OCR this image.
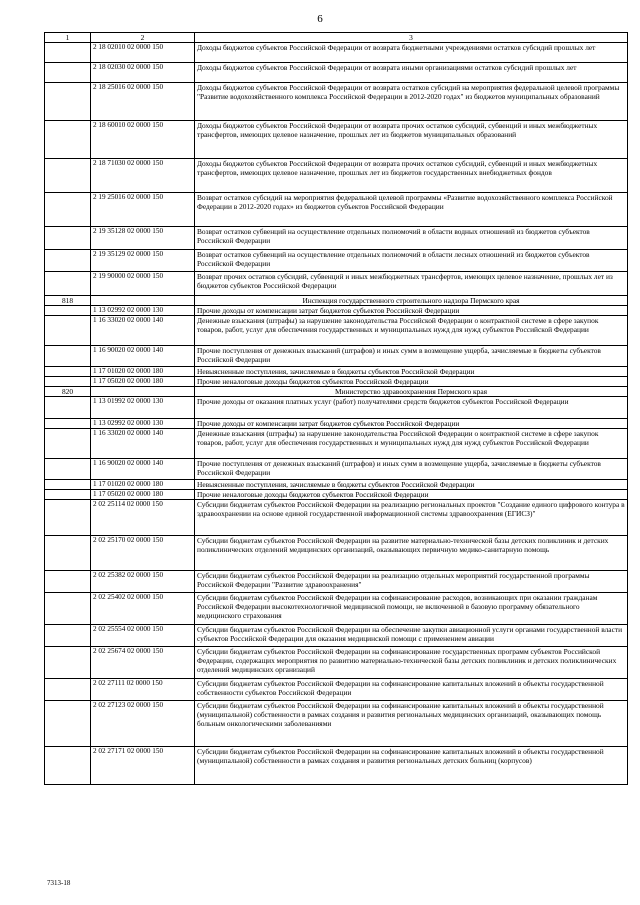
6
1	2	3
	2 18 02010 02 0000 150	Доходы бюджетов субъектов Российской Федерации от возврата бюджетными учреждениями остатков субсидий прошлых лет
	2 18 02030 02 0000 150	Доходы бюджетов субъектов Российской Федерации от возврата иными организациями остатков субсидий прошлых лет
	2 18 25016 02 0000 150	Доходы бюджетов субъектов Российской Федерации от возврата остатков субсидий на мероприятия федеральной целевой программы "Развитие водохозяйственного комплекса Российской Федерации в 2012-2020 годах" из бюджетов муниципальных образований
	2 18 60010 02 0000 150	Доходы бюджетов субъектов Российской Федерации от возврата прочих остатков субсидий, субвенций и иных межбюджетных трансфертов, имеющих целевое назначение, прошлых лет из бюджетов муниципальных образований
	2 18 71030 02 0000 150	Доходы бюджетов субъектов Российской Федерации от возврата прочих остатков субсидий, субвенций и иных межбюджетных трансфертов, имеющих целевое назначение, прошлых лет из бюджетов государственных внебюджетных фондов
	2 19 25016 02 0000 150	Возврат остатков субсидий на мероприятия федеральной целевой программы «Развитие водохозяйственного комплекса Российской Федерации в 2012-2020 годах» из бюджетов субъектов Российской Федерации
	2 19 35128 02 0000 150	Возврат остатков субвенций на осуществление отдельных полномочий в области водных отношений из бюджетов субъектов Российской Федерации
	2 19 35129 02 0000 150	Возврат остатков субвенций на осуществление отдельных полномочий в области лесных отношений из бюджетов субъектов Российской Федерации
	2 19 90000 02 0000 150	Возврат прочих остатков субсидий, субвенций и иных межбюджетных трансфертов, имеющих целевое назначение, прошлых лет из бюджетов субъектов Российской Федерации
818		Инспекция государственного строительного надзора Пермского края
	1 13 02992 02 0000 130	Прочие доходы от компенсации затрат бюджетов субъектов Российской Федерации
	1 16 33020 02 0000 140	Денежные взыскания (штрафы) за нарушение законодательства Российской Федерации о контрактной системе в сфере закупок товаров, работ, услуг для обеспечения государственных и муниципальных нужд для нужд субъектов Российской Федерации
	1 16 90020 02 0000 140	Прочие поступления от денежных взысканий (штрафов) и иных сумм в возмещение ущерба, зачисляемые в бюджеты субъектов Российской Федерации
	1 17 01020 02 0000 180	Невыясненные поступления, зачисляемые в бюджеты субъектов Российской Федерации
	1 17 05020 02 0000 180	Прочие неналоговые доходы бюджетов субъектов Российской Федерации
820		Министерство здравоохранения Пермского края
	1 13 01992 02 0000 130	Прочие доходы от оказания платных услуг (работ) получателями средств бюджетов субъектов Российской Федерации
	1 13 02992 02 0000 130	Прочие доходы от компенсации затрат бюджетов субъектов Российской Федерации
	1 16 33020 02 0000 140	Денежные взыскания (штрафы) за нарушение законодательства Российской Федерации о контрактной системе в сфере закупок товаров, работ, услуг для обеспечения государственных и муниципальных нужд для нужд субъектов Российской Федерации
	1 16 90020 02 0000 140	Прочие поступления от денежных взысканий (штрафов) и иных сумм в возмещение ущерба, зачисляемые в бюджеты субъектов Российской Федерации
	1 17 01020 02 0000 180	Невыясненные поступления, зачисляемые в бюджеты субъектов Российской Федерации
	1 17 05020 02 0000 180	Прочие неналоговые доходы бюджетов субъектов Российской Федерации
	2 02 25114 02 0000 150	Субсидии бюджетам субъектов Российской Федерации на реализацию региональных проектов "Создание единого цифрового контура в здравоохранении на основе единой государственной информационной системы здравоохранения (ЕГИСЗ)"
	2 02 25170 02 0000 150	Субсидии бюджетам субъектов Российской Федерации на развитие материально-технической базы детских поликлиник и детских поликлинических отделений медицинских организаций, оказывающих первичную медико-санитарную помощь
	2 02 25382 02 0000 150	Субсидии бюджетам субъектов Российской Федерации на реализацию отдельных мероприятий государственной программы Российской Федерации "Развитие здравоохранения"
	2 02 25402 02 0000 150	Субсидии бюджетам субъектов Российской Федерации на софинансирование расходов, возникающих при оказании гражданам Российской Федерации высокотехнологичной медицинской помощи, не включенной в базовую программу обязательного медицинского страхования
	2 02 25554 02 0000 150	Субсидии бюджетам субъектов Российской Федерации на обеспечение закупки авиационной услуги органами государственной власти субъектов Российской Федерации для оказания медицинской помощи с применением авиации
	2 02 25674 02 0000 150	Субсидии бюджетам субъектов Российской Федерации на софинансирование государственных программ субъектов Российской Федерации, содержащих мероприятия по развитию материально-технической базы детских поликлиник и детских поликлинических отделений медицинских организаций
	2 02 27111 02 0000 150	Субсидии бюджетам субъектов Российской Федерации на софинансирование капитальных вложений в объекты государственной собственности субъектов Российской Федерации
	2 02 27123 02 0000 150	Субсидии бюджетам субъектов Российской Федерации на софинансирование капитальных вложений в объекты государственной (муниципальной) собственности в рамках создания и развития региональных медицинских организаций, оказывающих помощь больным онкологическими заболеваниями
	2 02 27171 02 0000 150	Субсидии бюджетам субъектов Российской Федерации на софинансирование капитальных вложений в объекты государственной (муниципальной) собственности в рамках создания и развития региональных детских больниц (корпусов)
7313-18
